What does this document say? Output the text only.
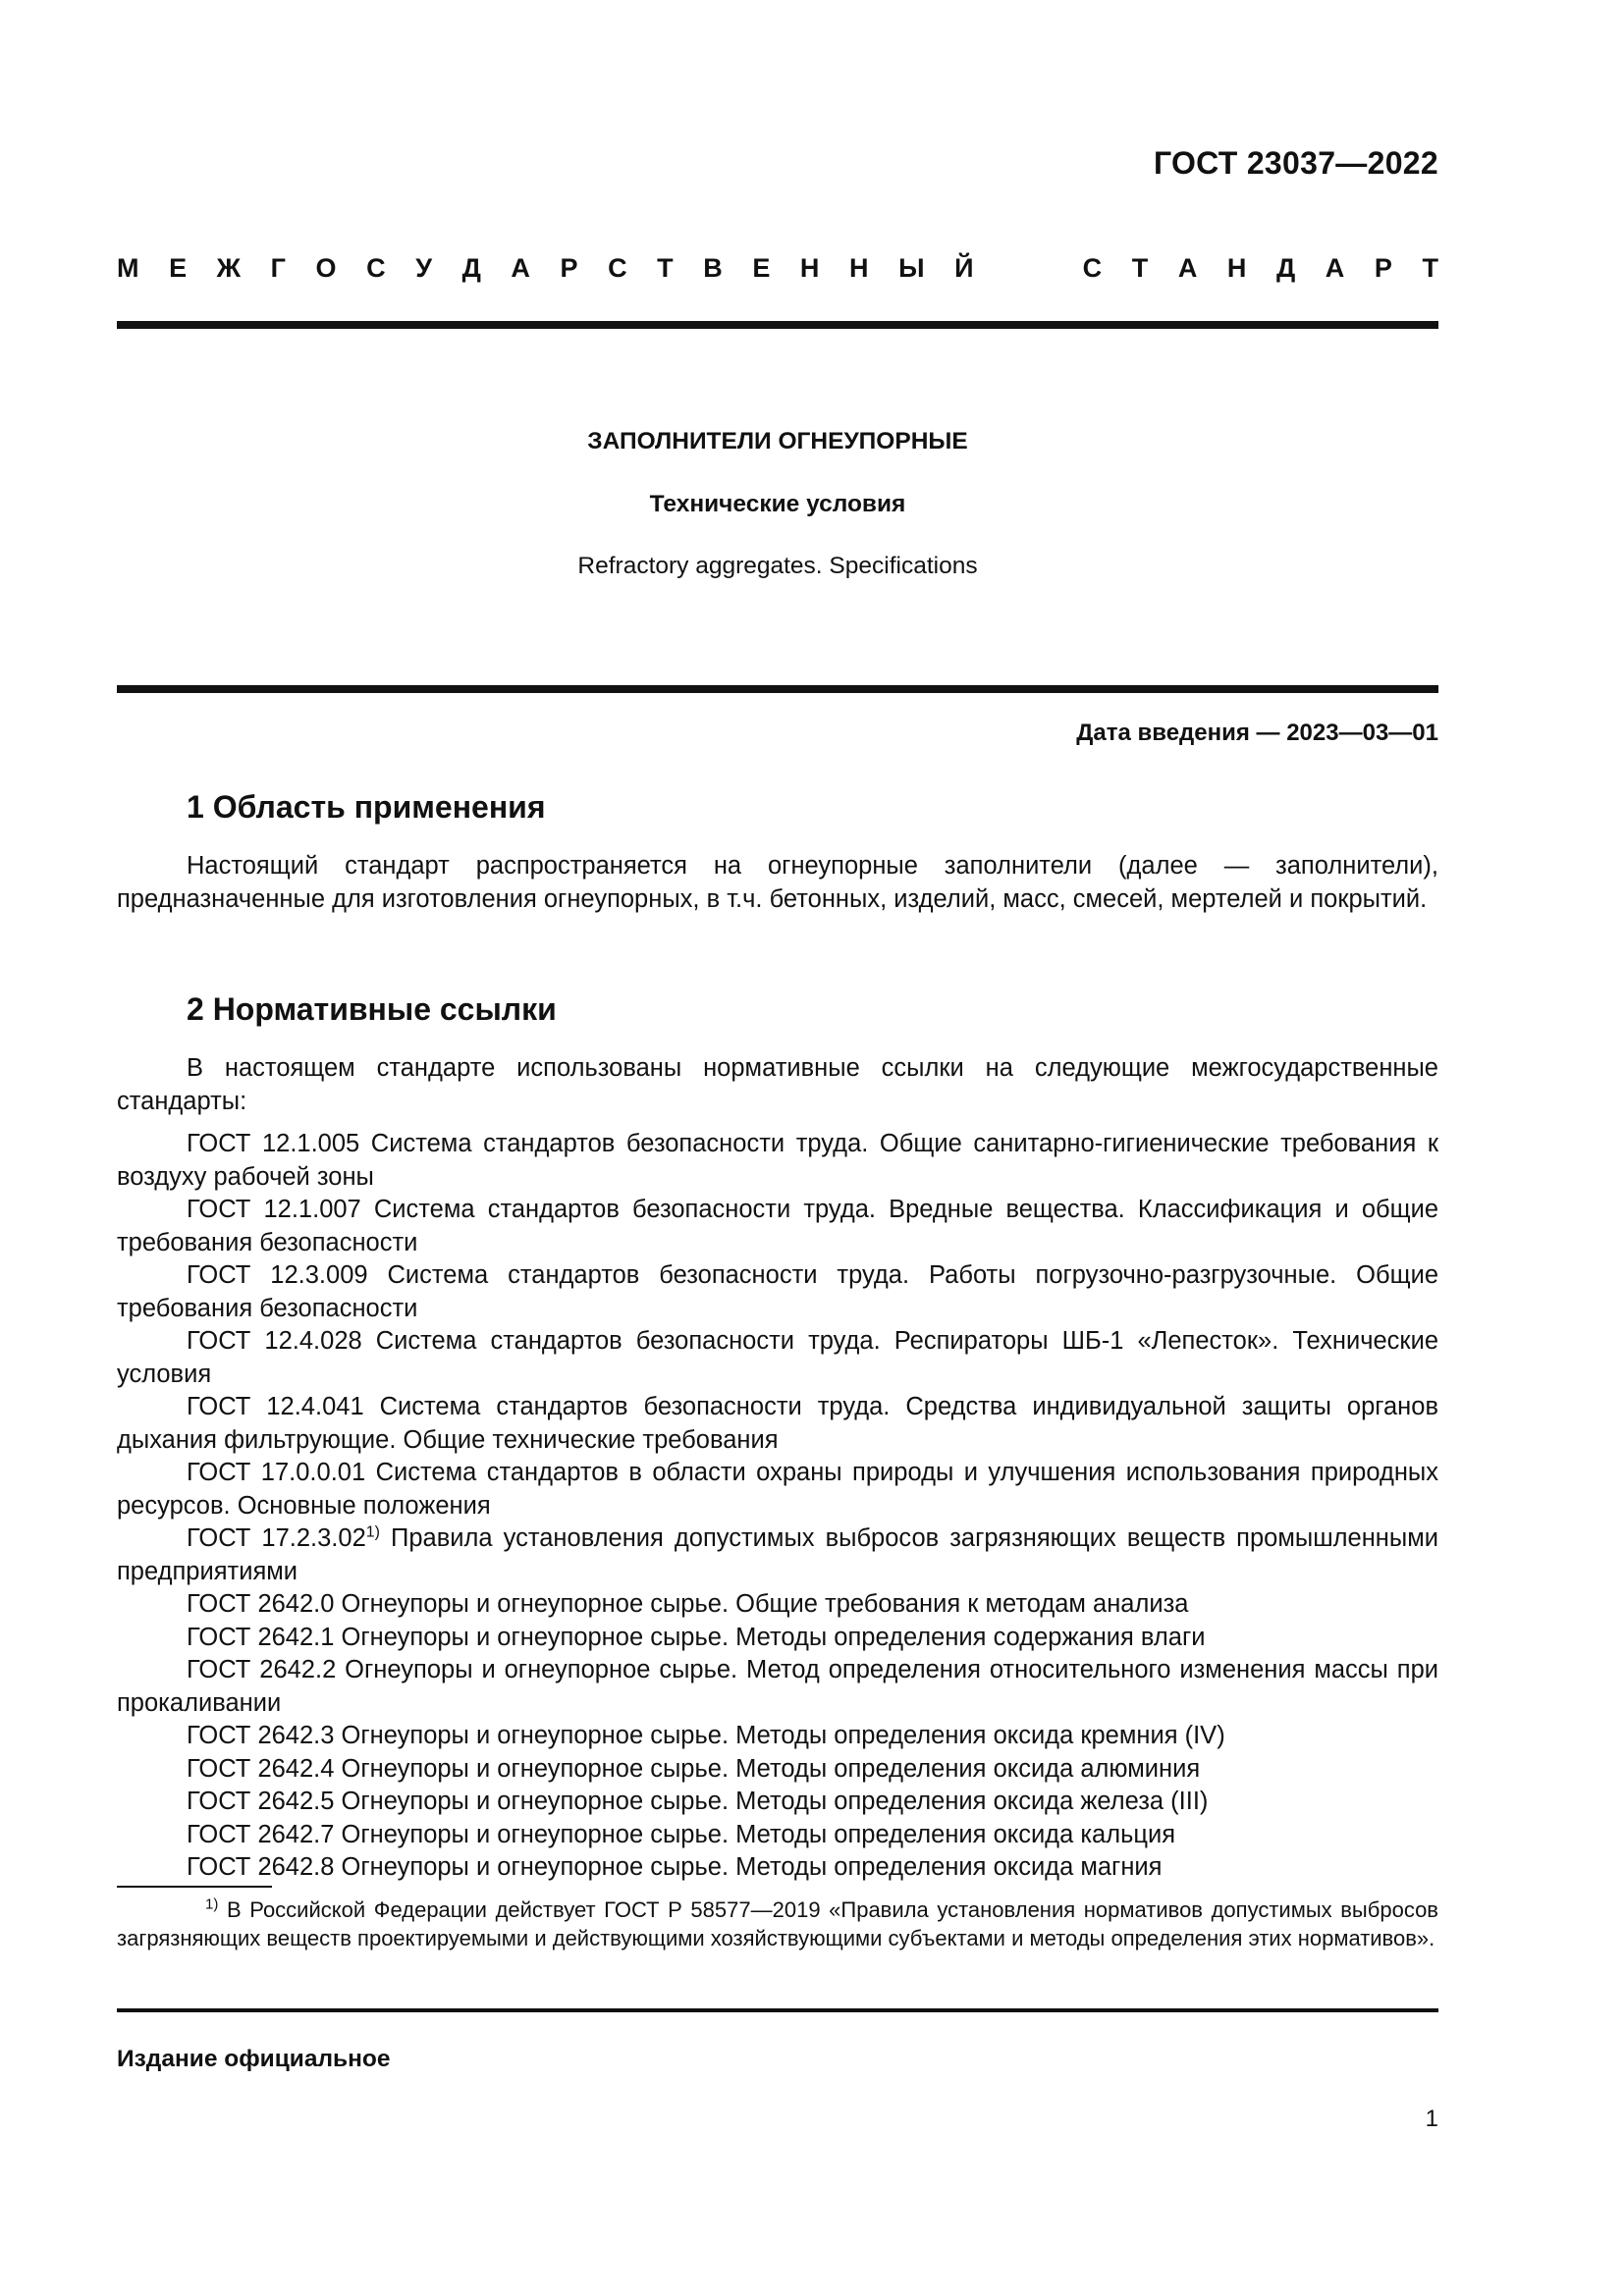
ГОСТ 23037—2022
М Е Ж Г О С У Д А Р С Т В Е Н Н Ы Й	С Т А Н Д А Р Т
ЗАПОЛНИТЕЛИ ОГНЕУПОРНЫЕ
Технические условия
Refractory aggregates. Specifications
Дата введения — 2023—03—01
1 Область применения

Настоящий стандарт распространяется на огнеупорные заполнители (далее — заполнители), предназначенные для изготовления огнеупорных, в т.ч. бетонных, изделий, масс, смесей, мертелей и покрытий.

2 Нормативные ссылки

В настоящем стандарте использованы нормативные ссылки на следующие межгосударственные стандарты:

ГОСТ 12.1.005 Система стандартов безопасности труда. Общие санитарно-гигиенические требования к воздуху рабочей зоны

ГОСТ 12.1.007 Система стандартов безопасности труда. Вредные вещества. Классификация и общие требования безопасности

ГОСТ 12.3.009 Система стандартов безопасности труда. Работы погрузочно-разгрузочные. Общие требования безопасности

ГОСТ 12.4.028 Система стандартов безопасности труда. Респираторы ШБ-1 «Лепесток». Технические условия

ГОСТ 12.4.041 Система стандартов безопасности труда. Средства индивидуальной защиты органов дыхания фильтрующие. Общие технические требования

ГОСТ 17.0.0.01 Система стандартов в области охраны природы и улучшения использования природных ресурсов. Основные положения

ГОСТ 17.2.3.02$^{1)}$ Правила установления допустимых выбросов загрязняющих веществ промышленными предприятиями

ГОСТ 2642.0 Огнеупоры и огнеупорное сырье. Общие требования к методам анализа

ГОСТ 2642.1 Огнеупоры и огнеупорное сырье. Методы определения содержания влаги

ГОСТ 2642.2 Огнеупоры и огнеупорное сырье. Метод определения относительного изменения массы при прокаливании

ГОСТ 2642.3 Огнеупоры и огнеупорное сырье. Методы определения оксида кремния (IV)

ГОСТ 2642.4 Огнеупоры и огнеупорное сырье. Методы определения оксида алюминия

ГОСТ 2642.5 Огнеупоры и огнеупорное сырье. Методы определения оксида железа (III)

ГОСТ 2642.7 Огнеупоры и огнеупорное сырье. Методы определения оксида кальция

ГОСТ 2642.8 Огнеупоры и огнеупорное сырье. Методы определения оксида магния

$^{1)}$ В Российской Федерации действует ГОСТ Р 58577—2019 «Правила установления нормативов допустимых выбросов загрязняющих веществ проектируемыми и действующими хозяйствующими субъектами и методы определения этих нормативов».

Издание официальное
1
